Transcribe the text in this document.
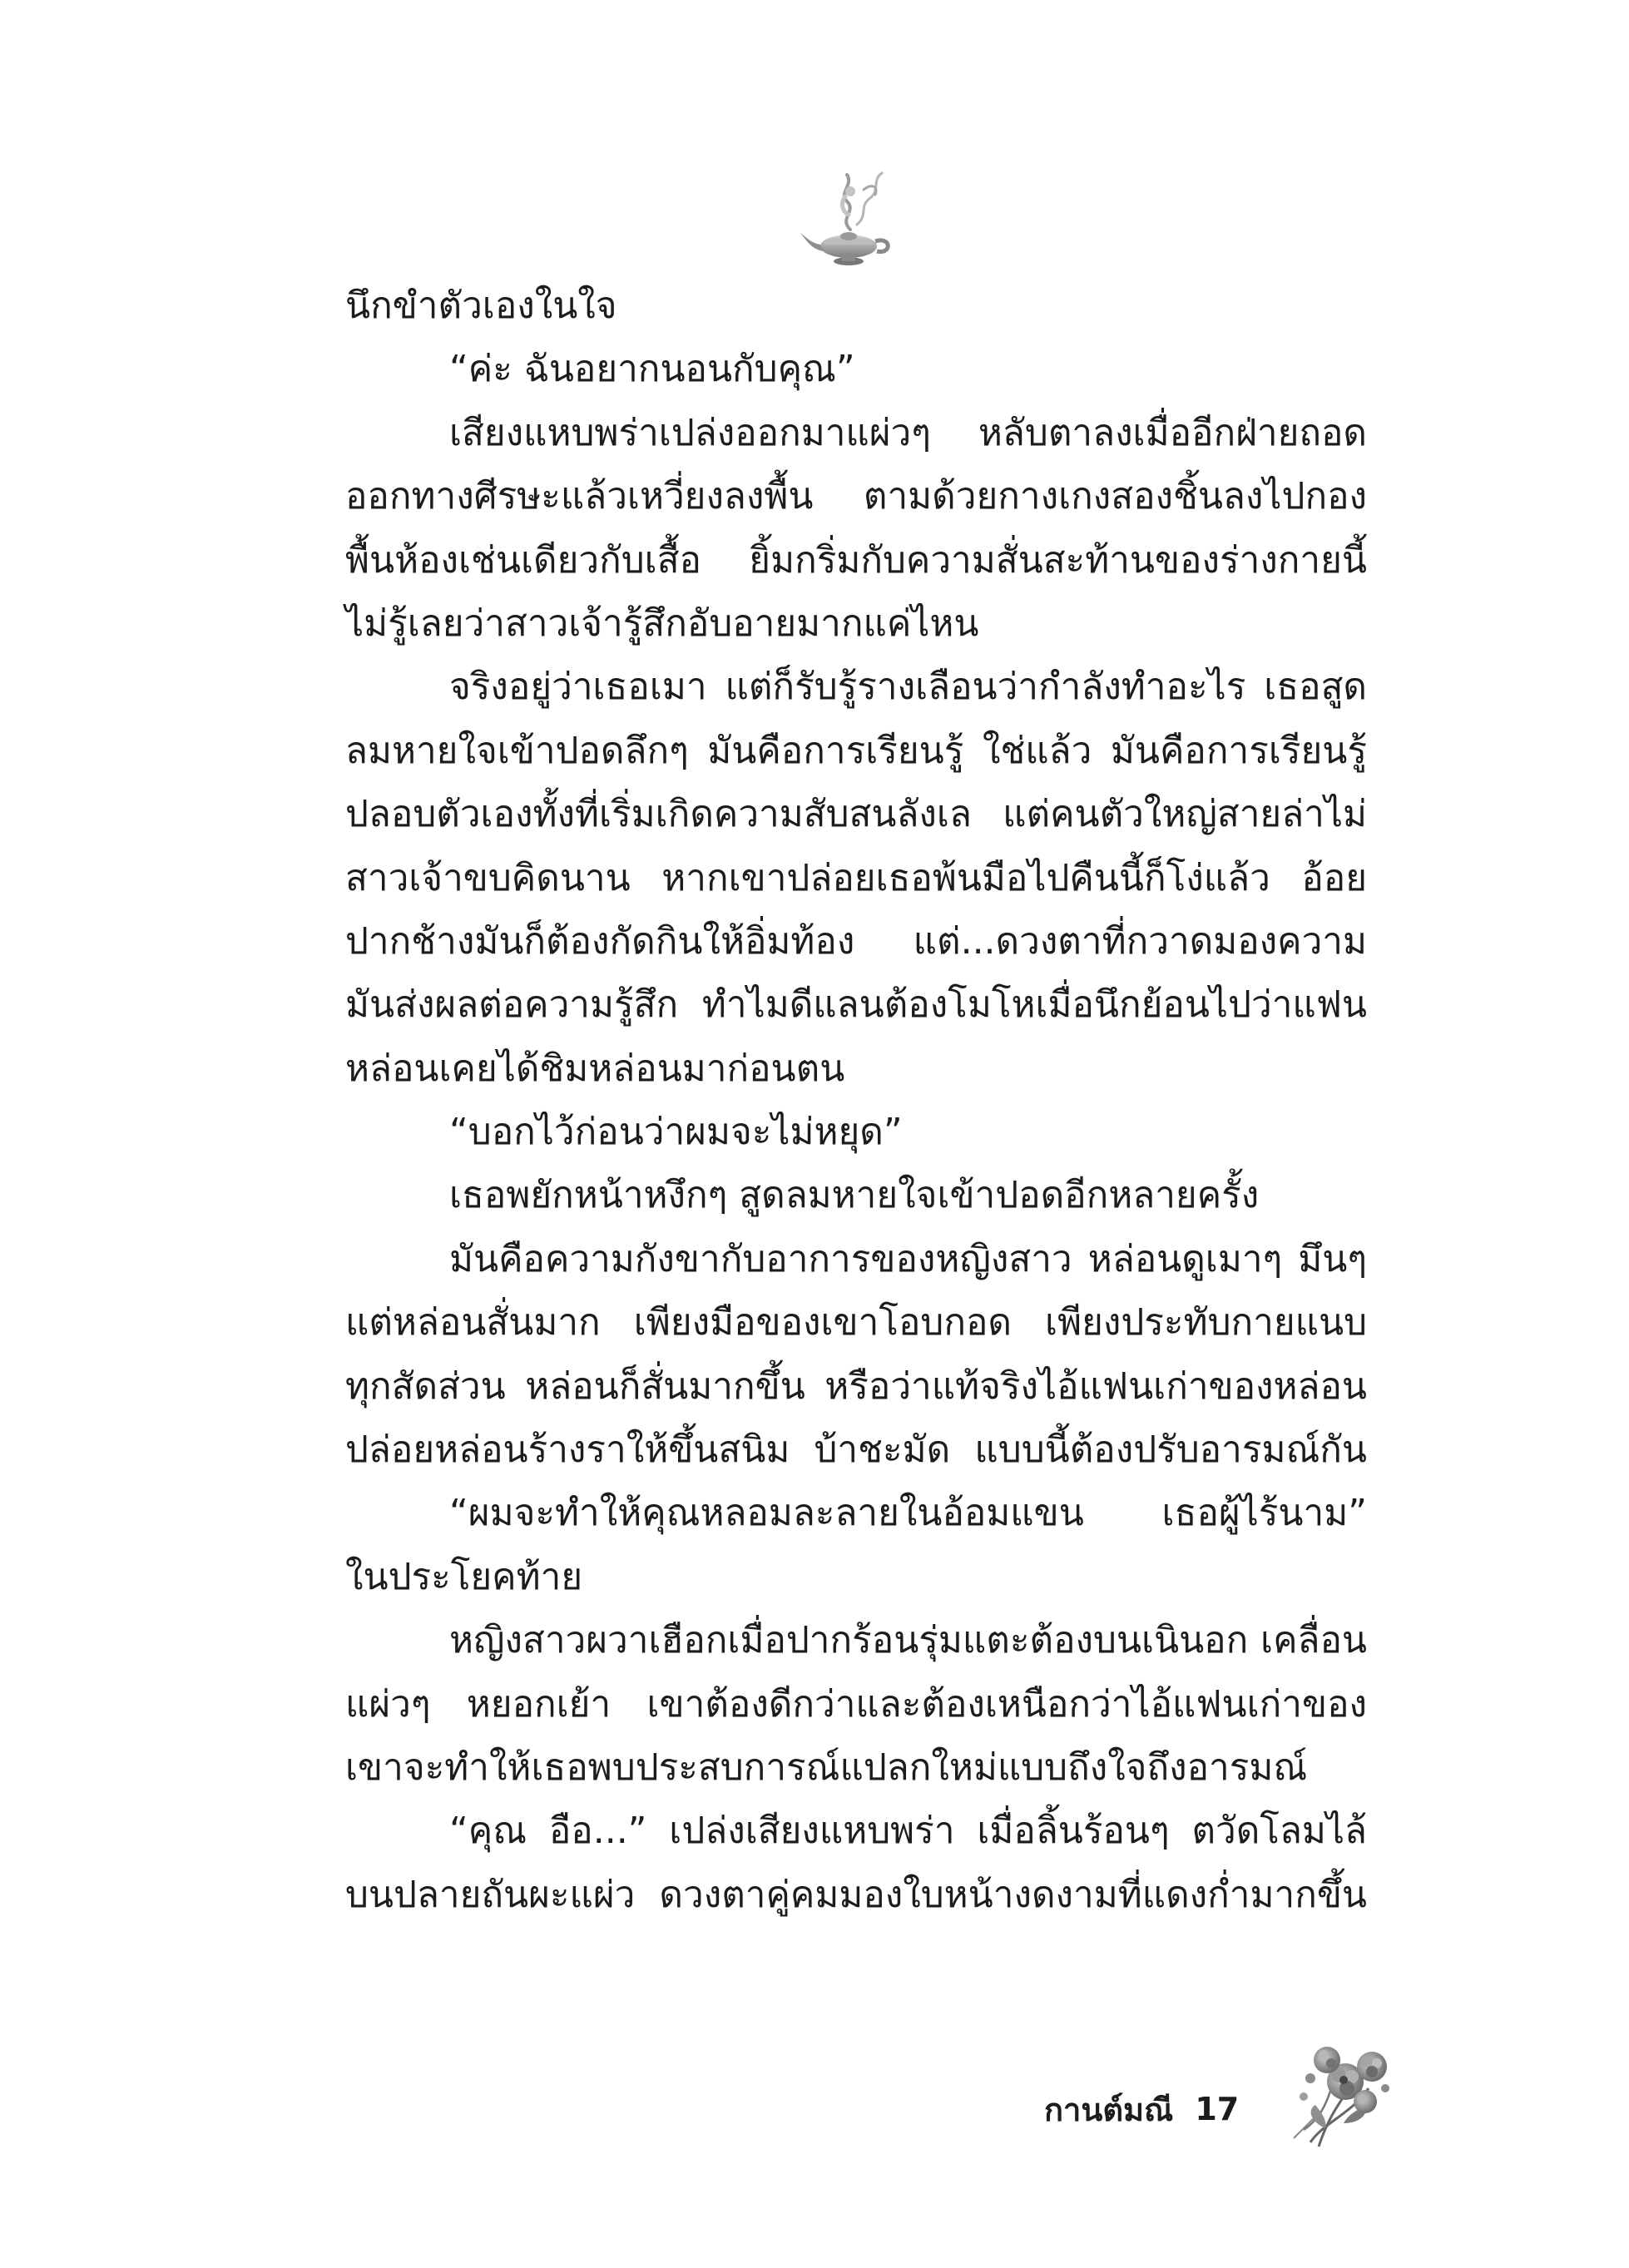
นึกขำตัวเองในใจ
“ค่ะ ฉันอยากนอนกับคุณ”
เสียงแหบพร่าเปล่งออกมาแผ่วๆ หลับตาลงเมื่ออีกฝ่ายถอด
ออกทางศีรษะแล้วเหวี่ยงลงพื้น ตามด้วยกางเกงสองชิ้นลงไปกอง
พื้นห้องเช่นเดียวกับเสื้อ ยิ้มกริ่มกับความสั่นสะท้านของร่างกายนี้
ไม่รู้เลยว่าสาวเจ้ารู้สึกอับอายมากแค่ไหน
จริงอยู่ว่าเธอเมา แต่ก็รับรู้รางเลือนว่ากำลังทำอะไร เธอสูด
ลมหายใจเข้าปอดลึกๆ มันคือการเรียนรู้ ใช่แล้ว มันคือการเรียนรู้
ปลอบตัวเองทั้งที่เริ่มเกิดความสับสนลังเล แต่คนตัวใหญ่สายล่าไม่
สาวเจ้าขบคิดนาน หากเขาปล่อยเธอพ้นมือไปคืนนี้ก็โง่แล้ว อ้อย
ปากช้างมันก็ต้องกัดกินให้อิ่มท้อง แต่...ดวงตาที่กวาดมองความ
มันส่งผลต่อความรู้สึก ทำไมดีแลนต้องโมโหเมื่อนึกย้อนไปว่าแฟน
หล่อนเคยได้ชิมหล่อนมาก่อนตน
“บอกไว้ก่อนว่าผมจะไม่หยุด”
เธอพยักหน้าหงึกๆ สูดลมหายใจเข้าปอดอีกหลายครั้ง
มันคือความกังขากับอาการของหญิงสาว หล่อนดูเมาๆ มึนๆ
แต่หล่อนสั่นมาก เพียงมือของเขาโอบกอด เพียงประทับกายแนบ
ทุกสัดส่วน หล่อนก็สั่นมากขึ้น หรือว่าแท้จริงไอ้แฟนเก่าของหล่อน
ปล่อยหล่อนร้างราให้ขึ้นสนิม บ้าชะมัด แบบนี้ต้องปรับอารมณ์กัน
“ผมจะทำให้คุณหลอมละลายในอ้อมแขน เธอผู้ไร้นาม”
ในประโยคท้าย
หญิงสาวผวาเฮือกเมื่อปากร้อนรุ่มแตะต้องบนเนินอก เคลื่อน
แผ่วๆ หยอกเย้า เขาต้องดีกว่าและต้องเหนือกว่าไอ้แฟนเก่าของ
เขาจะทำให้เธอพบประสบการณ์แปลกใหม่แบบถึงใจถึงอารมณ์
“คุณ อือ...” เปล่งเสียงแหบพร่า เมื่อลิ้นร้อนๆ ตวัดโลมไล้
บนปลายถันผะแผ่ว ดวงตาคู่คมมองใบหน้างดงามที่แดงก่ำมากขึ้น
กานต์มณี 17
